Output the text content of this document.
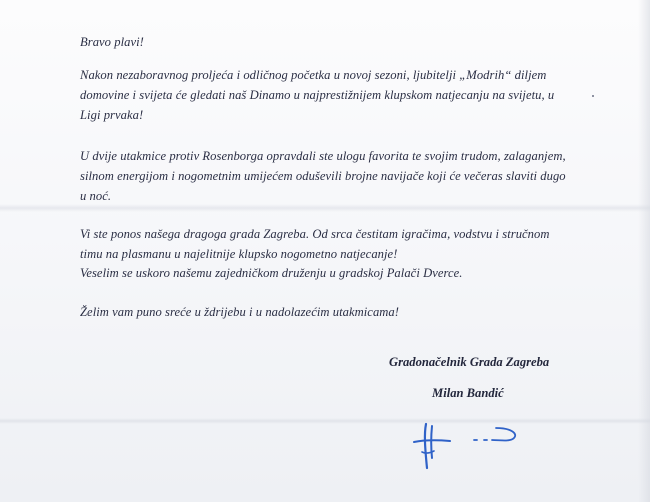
Bravo plavi!
Nakon nezaboravnog proljeća i odličnog početka u novoj sezoni, ljubitelji „Modrih“ diljem
domovine i svijeta će gledati naš Dinamo u najprestižnijem klupskom natjecanju na svijetu, u
Ligi prvaka!
U dvije utakmice protiv Rosenborga opravdali ste ulogu favorita te svojim trudom, zalaganjem,
silnom energijom i nogometnim umijećem oduševili brojne navijače koji će večeras slaviti dugo
u noć.
Vi ste ponos našega dragoga grada Zagreba. Od srca čestitam igračima, vodstvu i stručnom
timu na plasmanu u najelitnije klupsko nogometno natjecanje!
Veselim se uskoro našemu zajedničkom druženju u gradskoj Palači Dverce.
Želim vam puno sreće u ždrijebu i u nadolazećim utakmicama!
Gradonačelnik Grada Zagreba
Milan Bandić
